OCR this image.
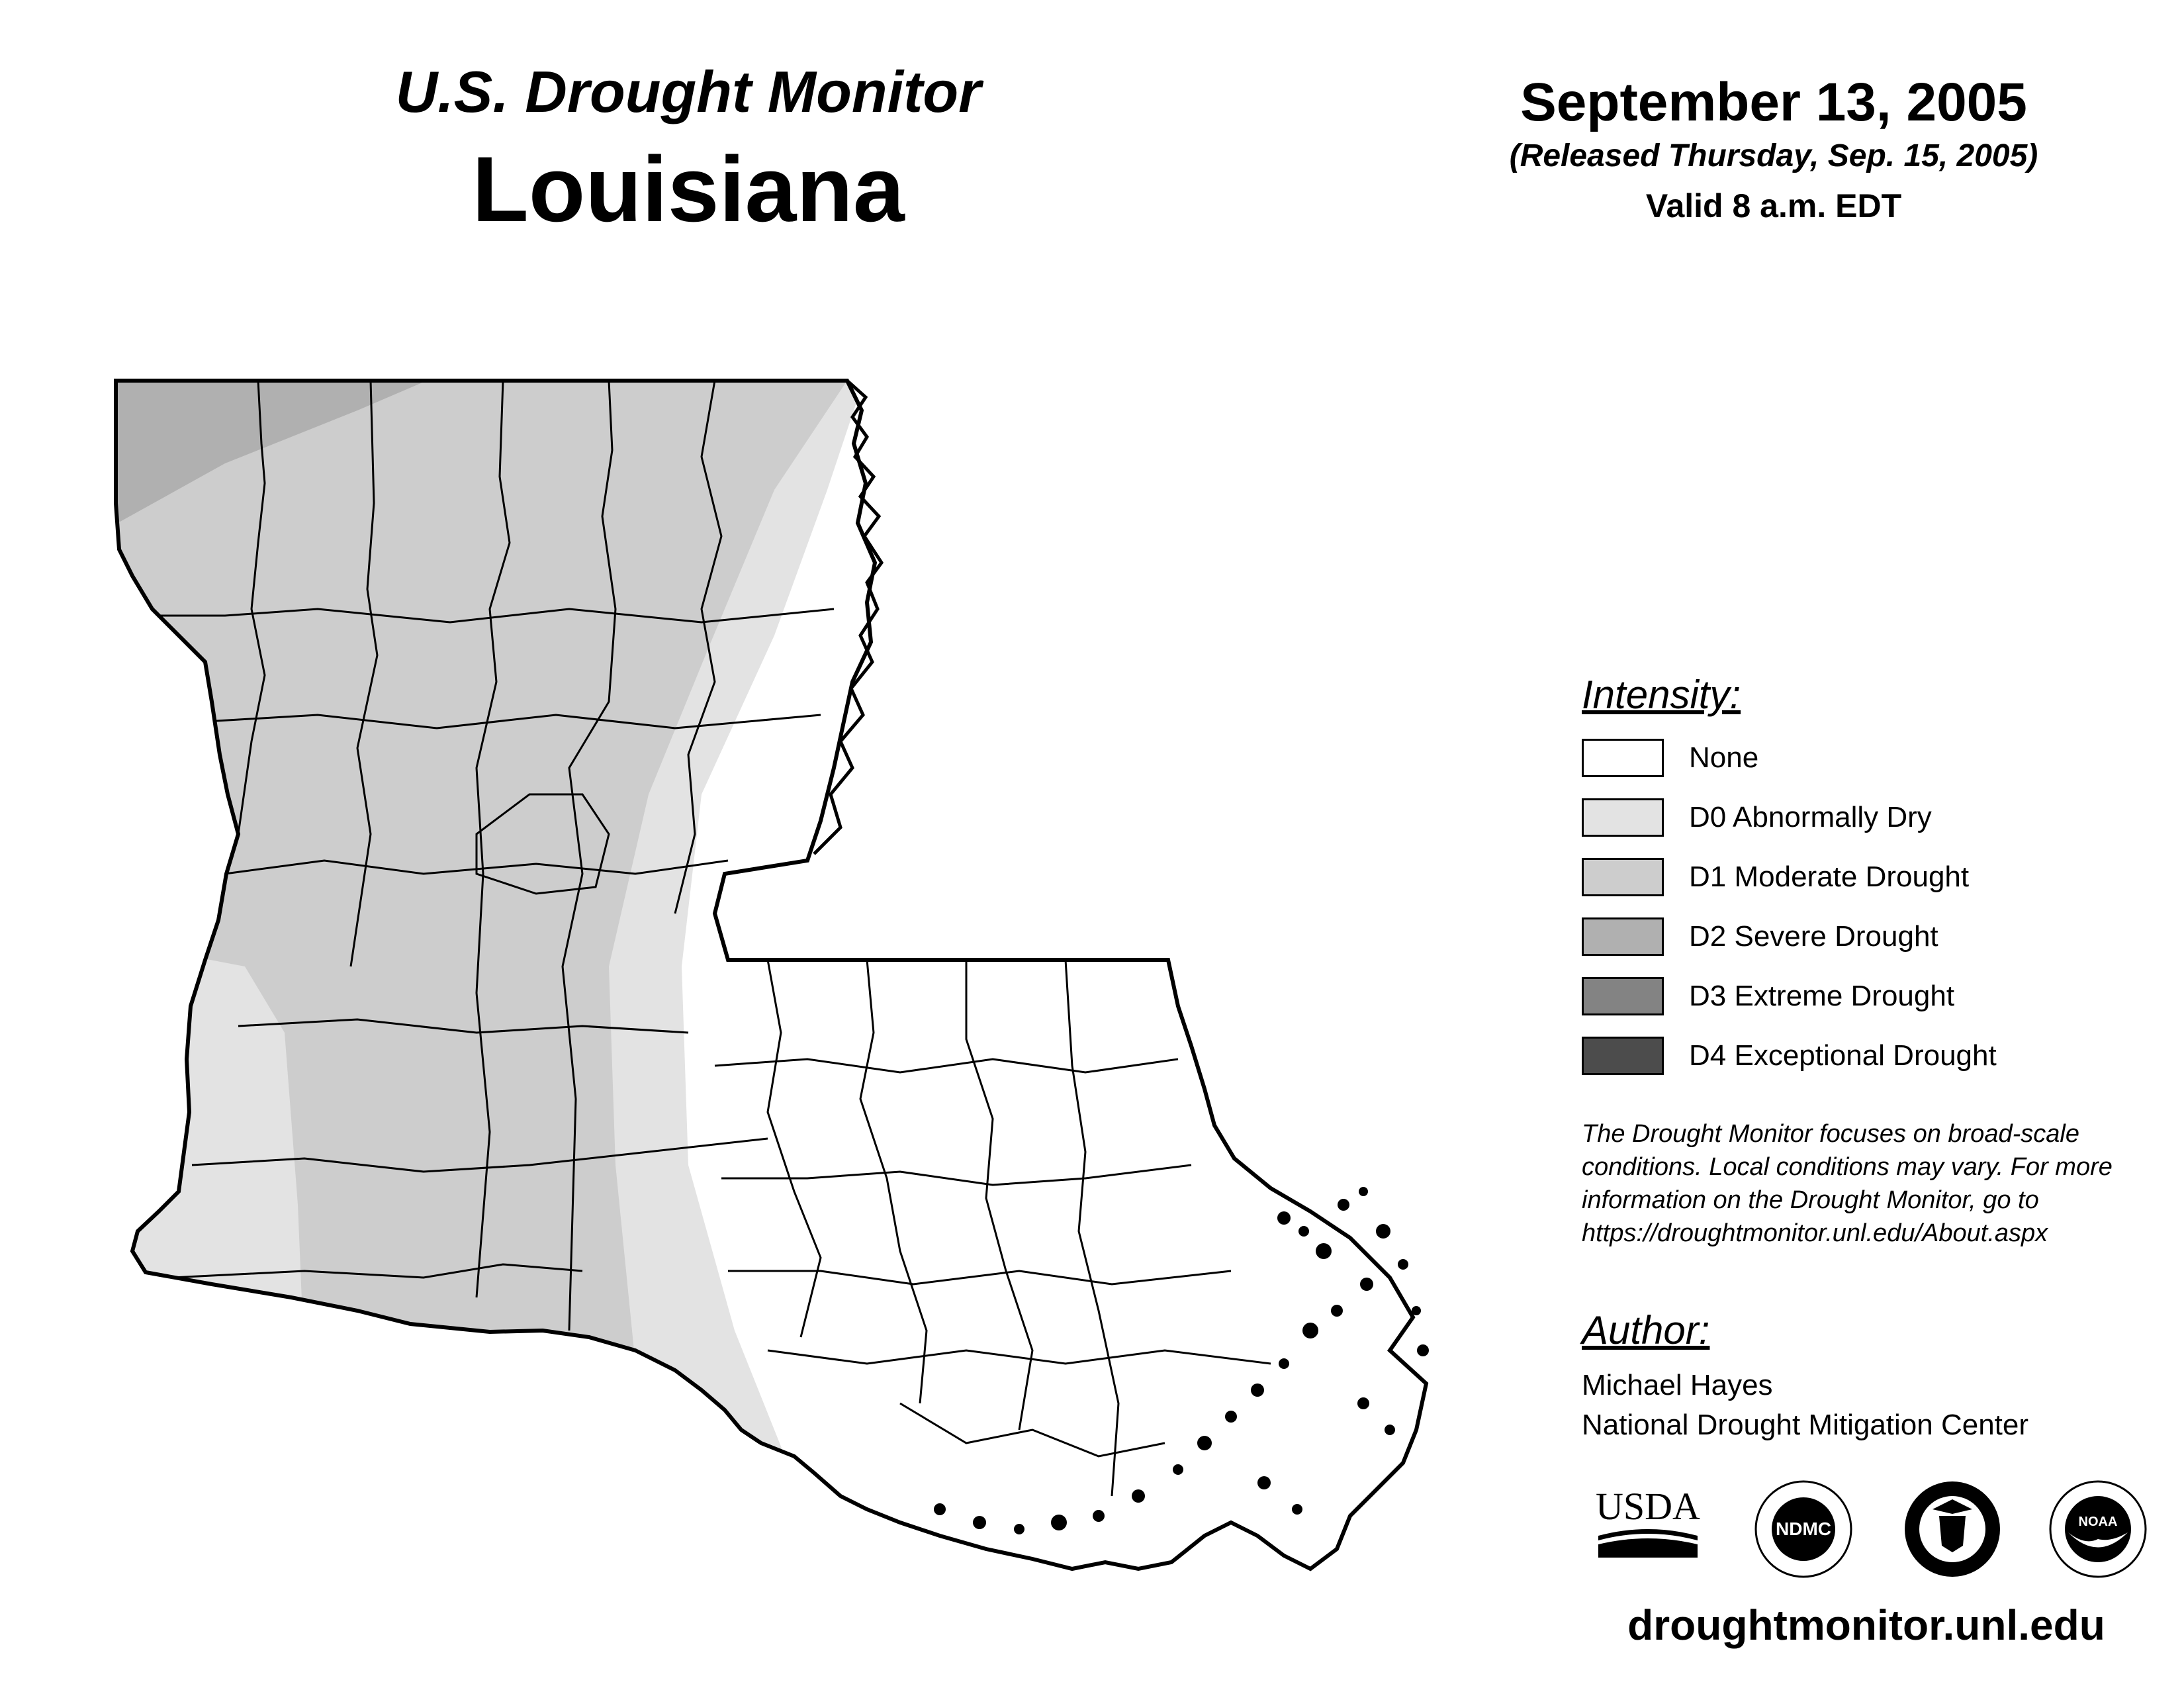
U.S. Drought Monitor
Louisiana
September 13, 2005
(Released Thursday, Sep. 15, 2005)
Valid 8 a.m. EDT
Intensity:
None
D0 Abnormally Dry
D1 Moderate Drought
D2 Severe Drought
D3 Extreme Drought
D4 Exceptional Drought
The Drought Monitor focuses on broad-scale
conditions. Local conditions may vary. For more
information on the Drought Monitor, go to
https://droughtmonitor.unl.edu/About.aspx
Author:
Michael Hayes
National Drought Mitigation Center
USDA
NDMC	NOAA
droughtmonitor.unl.edu
